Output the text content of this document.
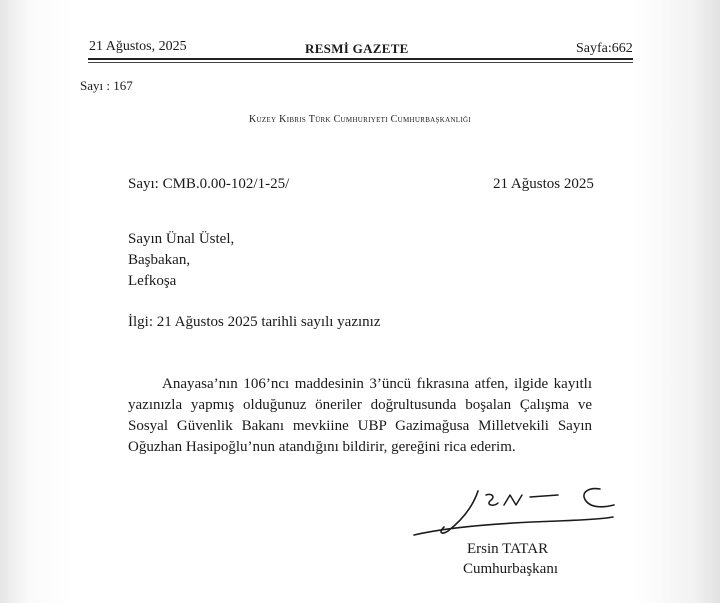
21 Ağustos, 2025	RESMİ GAZETE	Sayfa:662
Sayı : 167
Kuzey Kıbrıs Türk Cumhuriyeti Cumhurbaşkanlığı
Sayı: CMB.0.00-102/1-25/	21 Ağustos 2025
Sayın Ünal Üstel,
Başbakan,
Lefkoşa
İlgi: 21 Ağustos 2025 tarihli sayılı yazınız
Anayasa’nın 106’ncı maddesinin 3’üncü fıkrasına atfen, ilgide kayıtlı yazınızla yapmış olduğunuz öneriler doğrultusunda boşalan Çalışma ve Sosyal Güvenlik Bakanı mevkiine UBP Gazimağusa Milletvekili Sayın Oğuzhan Hasipoğlu’nun atandığını bildirir, gereğini rica ederim.
Ersin TATAR
Cumhurbaşkanı
